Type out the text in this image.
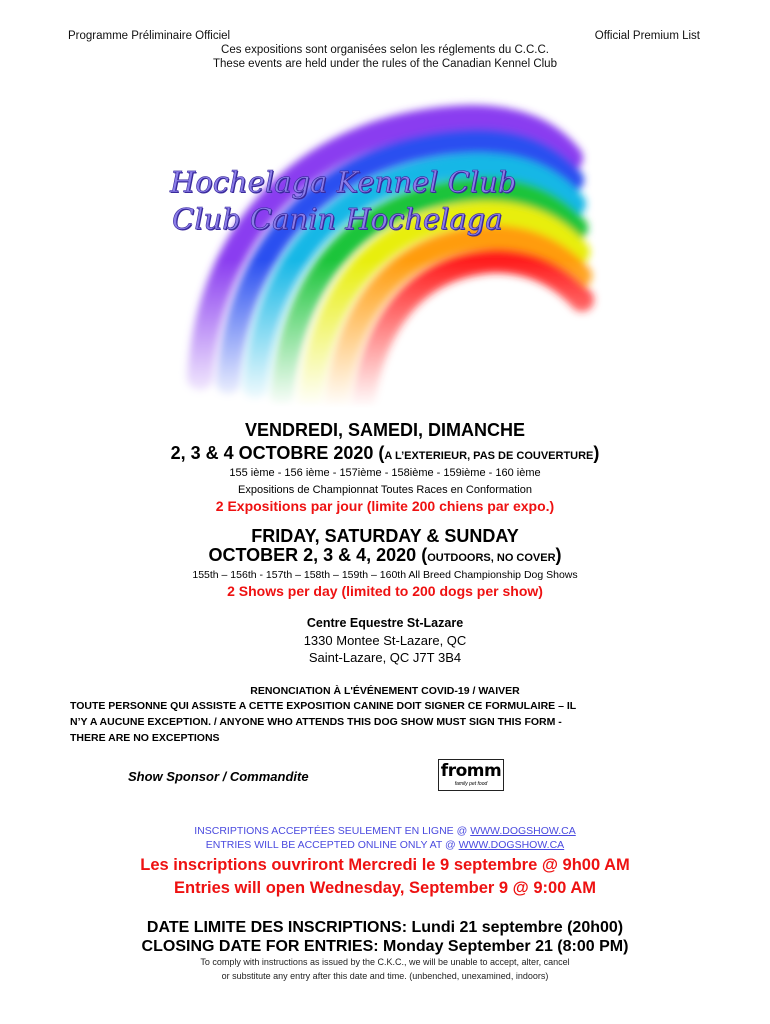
Programme Préliminaire Officiel	Official Premium List
Ces expositions sont organisées selon les réglements du C.C.C.
These events are held under the rules of the Canadian Kennel Club
Hochelaga Kennel Club
Club Canin Hochelaga
VENDREDI, SAMEDI, DIMANCHE
2, 3 & 4 OCTOBRE 2020 (A L’EXTERIEUR, PAS DE COUVERTURE)
155 ième - 156 ième - 157ième - 158ième - 159ième - 160 ième
Expositions de Championnat Toutes Races en Conformation
2 Expositions par jour (limite 200 chiens par expo.)
FRIDAY, SATURDAY & SUNDAY
OCTOBER 2, 3 & 4, 2020 (OUTDOORS, NO COVER)
155th – 156th - 157th – 158th – 159th – 160th All Breed Championship Dog Shows
2 Shows per day (limited to 200 dogs per show)
Centre Equestre St-Lazare
1330 Montee St-Lazare, QC
Saint-Lazare, QC J7T 3B4
RENONCIATION À L'ÉVÉNEMENT COVID-19 / WAIVER
TOUTE PERSONNE QUI ASSISTE A CETTE EXPOSITION CANINE DOIT SIGNER CE FORMULAIRE – IL
N’Y A AUCUNE EXCEPTION. / ANYONE WHO ATTENDS THIS DOG SHOW MUST SIGN THIS FORM -
THERE ARE NO EXCEPTIONS
Show Sponsor / Commandite	fromm
family pet food
INSCRIPTIONS ACCEPTÉES SEULEMENT EN LIGNE @ WWW.DOGSHOW.CA
ENTRIES WILL BE ACCEPTED ONLINE ONLY AT @ WWW.DOGSHOW.CA
Les inscriptions ouvriront Mercredi le 9 septembre @ 9h00 AM
Entries will open Wednesday, September 9 @ 9:00 AM
DATE LIMITE DES INSCRIPTIONS: Lundi 21 septembre (20h00)
CLOSING DATE FOR ENTRIES: Monday September 21 (8:00 PM)
To comply with instructions as issued by the C.K.C., we will be unable to accept, alter, cancel
or substitute any entry after this date and time. (unbenched, unexamined, indoors)
